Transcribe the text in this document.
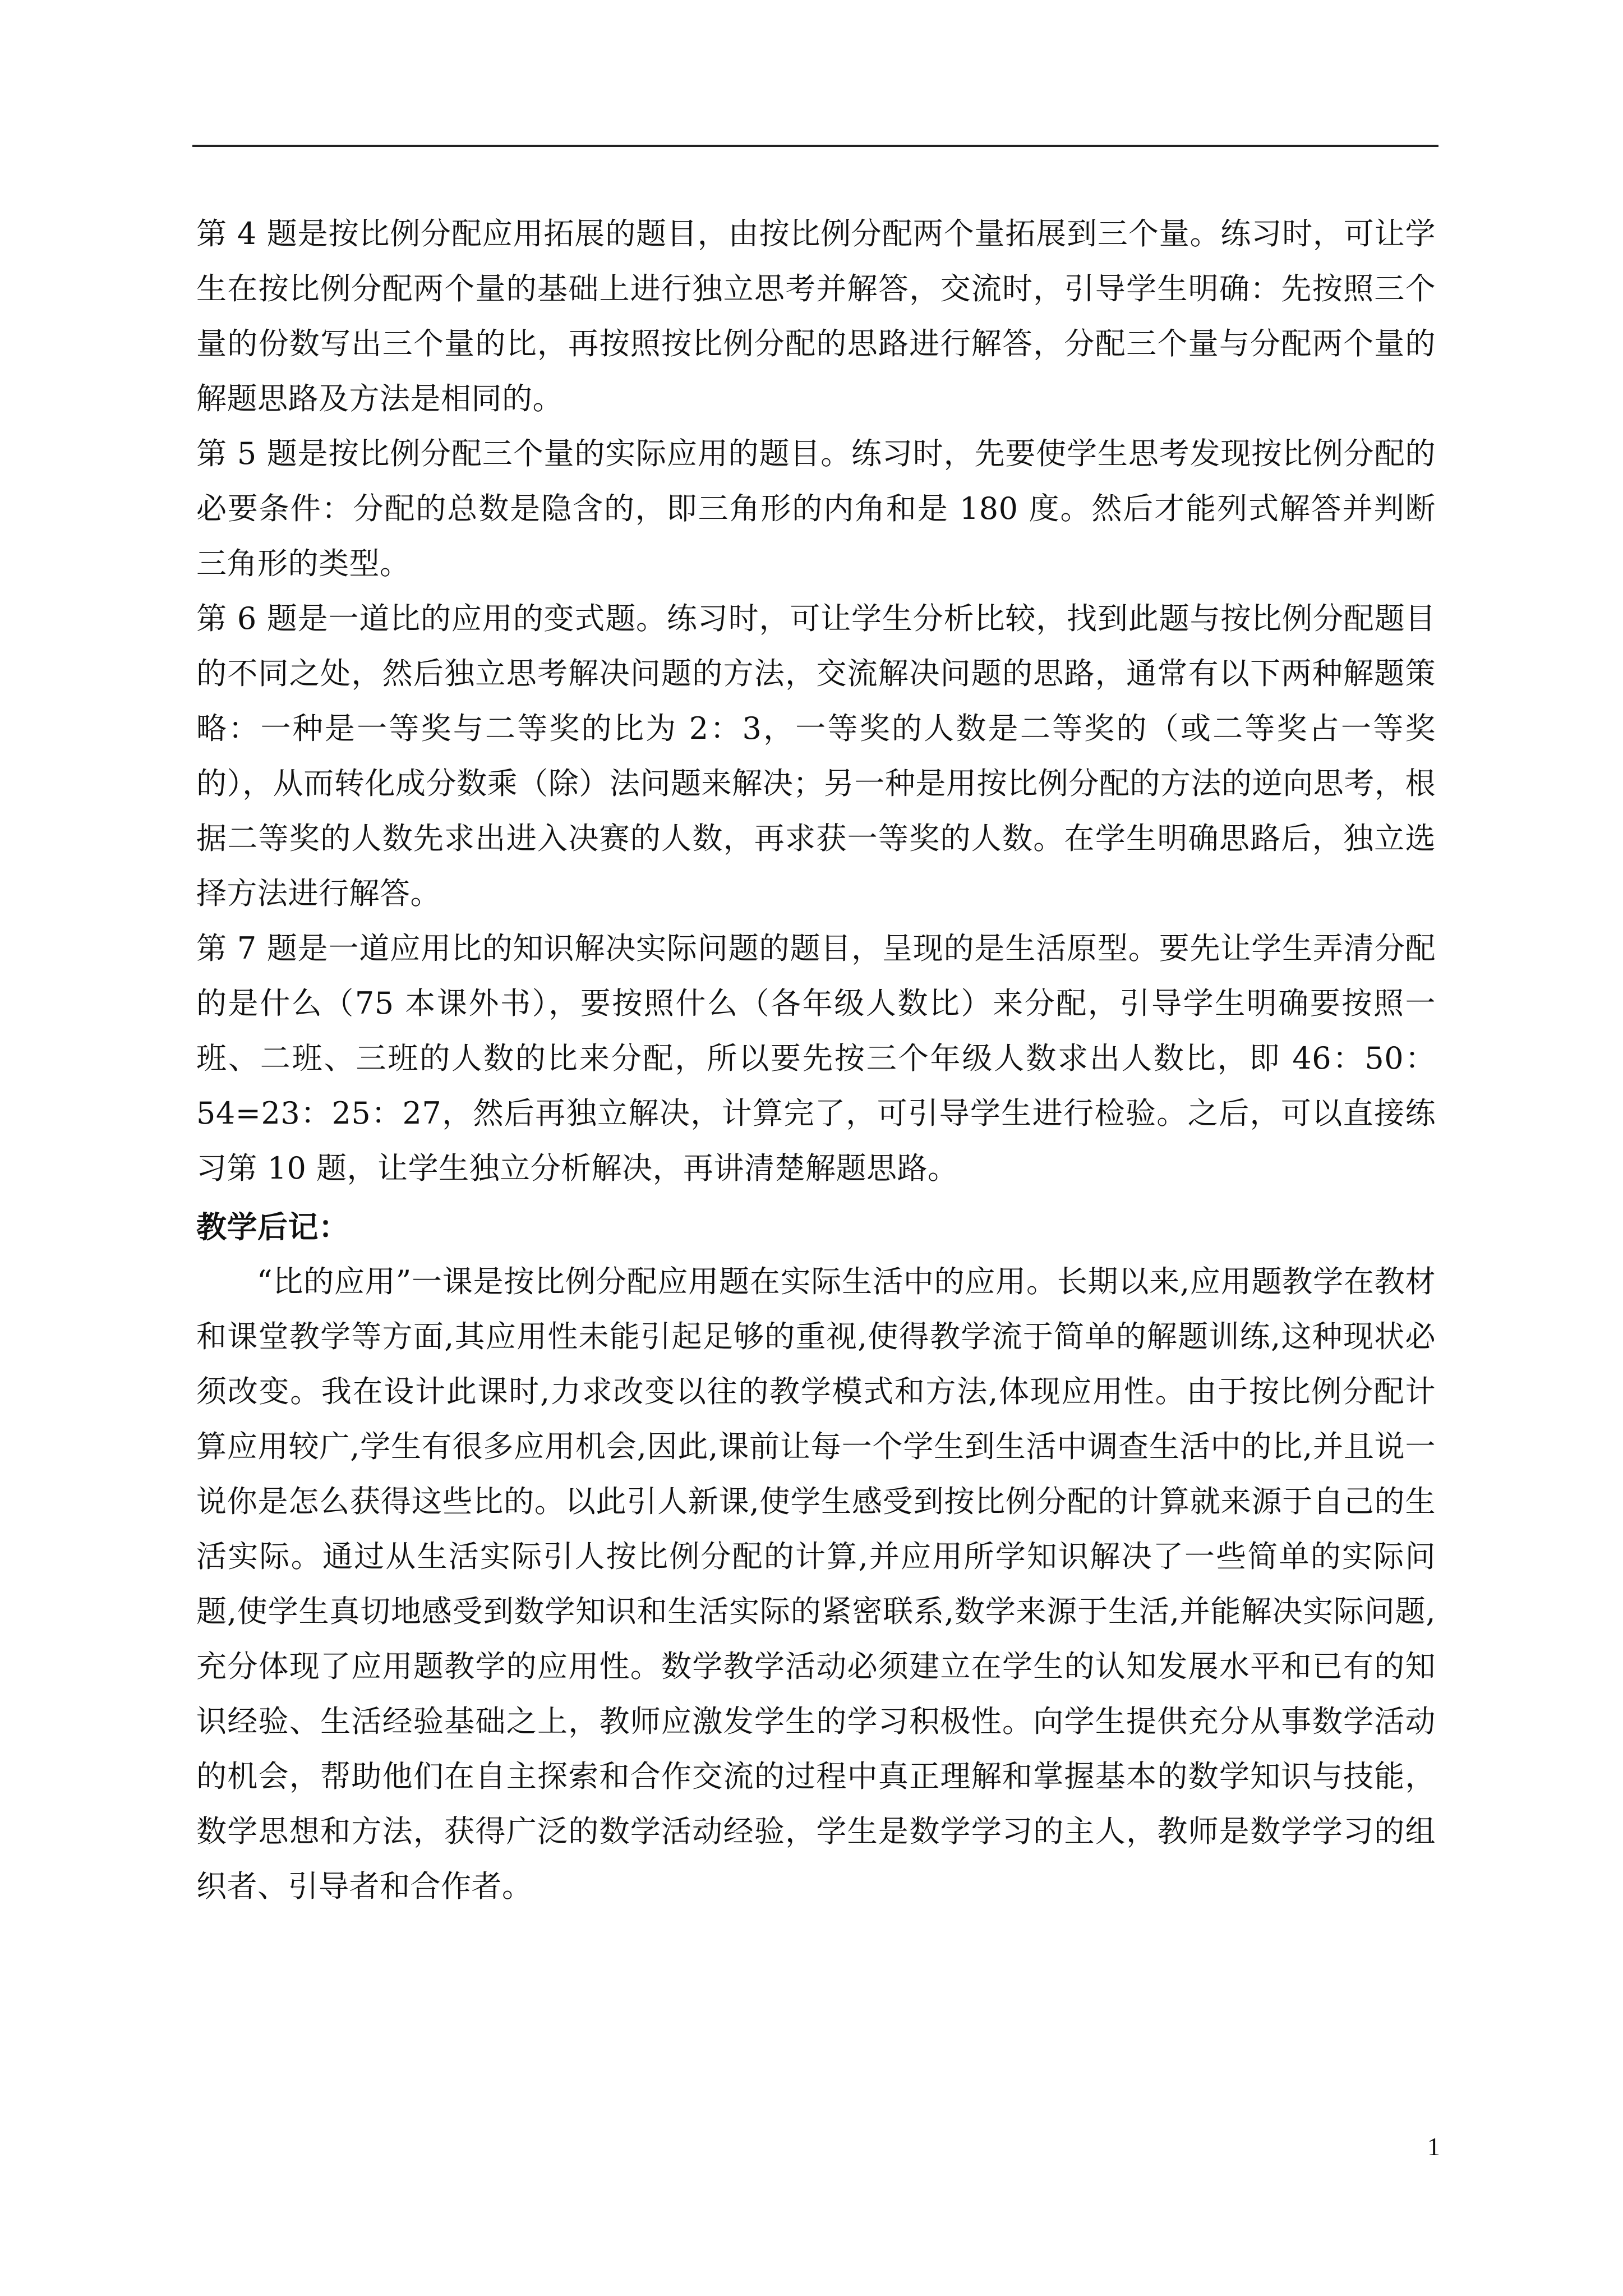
第 4 题是按比例分配应用拓展的题目，由按比例分配两个量拓展到三个量。练习时，可让学生在按比例分配两个量的基础上进行独立思考并解答，交流时，引导学生明确：先按照三个量的份数写出三个量的比，再按照按比例分配的思路进行解答，分配三个量与分配两个量的解题思路及方法是相同的。

第 5 题是按比例分配三个量的实际应用的题目。练习时，先要使学生思考发现按比例分配的必要条件：分配的总数是隐含的，即三角形的内角和是 180 度。然后才能列式解答并判断三角形的类型。

第 6 题是一道比的应用的变式题。练习时，可让学生分析比较，找到此题与按比例分配题目的不同之处，然后独立思考解决问题的方法，交流解决问题的思路，通常有以下两种解题策略：一种是一等奖与二等奖的比为 2：3，一等奖的人数是二等奖的（或二等奖占一等奖的），从而转化成分数乘（除）法问题来解决；另一种是用按比例分配的方法的逆向思考，根据二等奖的人数先求出进入决赛的人数，再求获一等奖的人数。在学生明确思路后，独立选择方法进行解答。

第 7 题是一道应用比的知识解决实际问题的题目，呈现的是生活原型。要先让学生弄清分配的是什么（75 本课外书），要按照什么（各年级人数比）来分配，引导学生明确要按照一班、二班、三班的人数的比来分配，所以要先按三个年级人数求出人数比，即 46：50：54=23：25：27，然后再独立解决，计算完了，可引导学生进行检验。之后，可以直接练习第 10 题，让学生独立分析解决，再讲清楚解题思路。

教学后记：

“比的应用”一课是按比例分配应用题在实际生活中的应用。长期以来,应用题教学在教材和课堂教学等方面,其应用性未能引起足够的重视,使得教学流于简单的解题训练,这种现状必须改变。我在设计此课时,力求改变以往的教学模式和方法,体现应用性。由于按比例分配计算应用较广,学生有很多应用机会,因此,课前让每一个学生到生活中调查生活中的比,并且说一说你是怎么获得这些比的。以此引人新课,使学生感受到按比例分配的计算就来源于自己的生活实际。通过从生活实际引人按比例分配的计算,并应用所学知识解决了一些简单的实际问题,使学生真切地感受到数学知识和生活实际的紧密联系,数学来源于生活,并能解决实际问题,充分体现了应用题教学的应用性。数学教学活动必须建立在学生的认知发展水平和已有的知识经验、生活经验基础之上，教师应激发学生的学习积极性。向学生提供充分从事数学活动的机会，帮助他们在自主探索和合作交流的过程中真正理解和掌握基本的数学知识与技能，数学思想和方法，获得广泛的数学活动经验，学生是数学学习的主人，教师是数学学习的组织者、引导者和合作者。

1
